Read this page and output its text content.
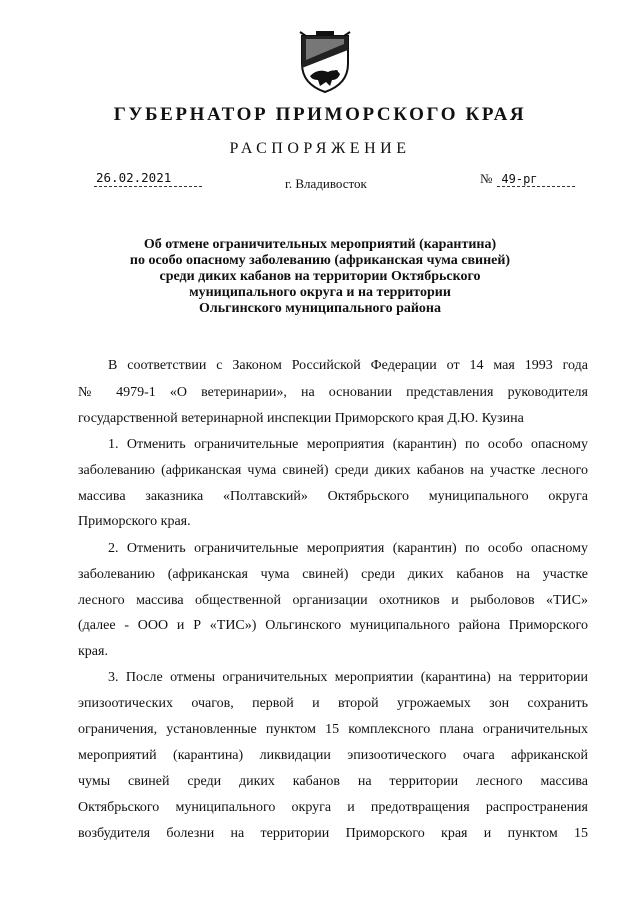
ГУБЕРНАТОР ПРИМОРСКОГО КРАЯ
РАСПОРЯЖЕНИЕ
26.02.2021	г. Владивосток	№ 49-рг
Об отмене ограничительных мероприятий (карантина)
по особо опасному заболеванию (африканская чума свиней)
среди диких кабанов на территории Октябрьского
муниципального округа и на территории
Ольгинского муниципального района
В соответствии с Законом Российской Федерации от 14 мая 1993 года
№ 4979-1 «О ветеринарии», на основании представления руководителя
государственной ветеринарной инспекции Приморского края Д.Ю. Кузина
1. Отменить ограничительные мероприятия (карантин) по особо опасному
заболеванию (африканская чума свиней) среди диких кабанов на участке лесного
массива заказника «Полтавский» Октябрьского муниципального округа
Приморского края.
2. Отменить ограничительные мероприятия (карантин) по особо опасному
заболеванию (африканская чума свиней) среди диких кабанов на участке
лесного массива общественной организации охотников и рыболовов «ТИС»
(далее - ООО и Р «ТИС») Ольгинского муниципального района Приморского
края.
3. После отмены ограничительных мероприятии (карантина) на территории
эпизоотических очагов, первой и второй угрожаемых зон сохранить
ограничения, установленные пунктом 15 комплексного плана ограничительных
мероприятий (карантина) ликвидации эпизоотического очага африканской
чумы свиней среди диких кабанов на территории лесного массива
Октябрьского муниципального округа и предотвращения распространения
возбудителя болезни на территории Приморского края и пунктом 15
